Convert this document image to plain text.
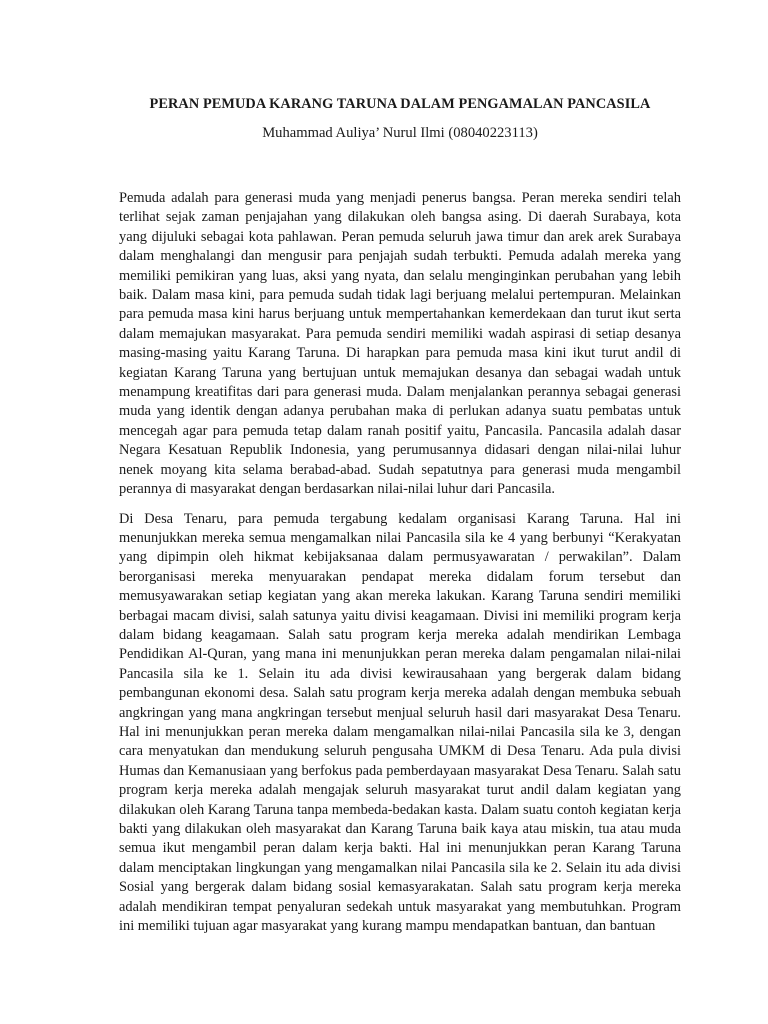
PERAN PEMUDA KARANG TARUNA DALAM PENGAMALAN PANCASILA

Muhammad Auliya’ Nurul Ilmi (08040223113)

Pemuda adalah para generasi muda yang menjadi penerus bangsa. Peran mereka sendiri telah terlihat sejak zaman penjajahan yang dilakukan oleh bangsa asing. Di daerah Surabaya, kota yang dijuluki sebagai kota pahlawan. Peran pemuda seluruh jawa timur dan arek arek Surabaya dalam menghalangi dan mengusir para penjajah sudah terbukti. Pemuda adalah mereka yang memiliki pemikiran yang luas, aksi yang nyata, dan selalu menginginkan perubahan yang lebih baik. Dalam masa kini, para pemuda sudah tidak lagi berjuang melalui pertempuran. Melainkan para pemuda masa kini harus berjuang untuk mempertahankan kemerdekaan dan turut ikut serta dalam memajukan masyarakat. Para pemuda sendiri memiliki wadah aspirasi di setiap desanya masing-masing yaitu Karang Taruna. Di harapkan para pemuda masa kini ikut turut andil di kegiatan Karang Taruna yang bertujuan untuk memajukan desanya dan sebagai wadah untuk menampung kreatifitas dari para generasi muda. Dalam menjalankan perannya sebagai generasi muda yang identik dengan adanya perubahan maka di perlukan adanya suatu pembatas untuk mencegah agar para pemuda tetap dalam ranah positif yaitu, Pancasila. Pancasila adalah dasar Negara Kesatuan Republik Indonesia, yang perumusannya didasari dengan nilai-nilai luhur nenek moyang kita selama berabad-abad. Sudah sepatutnya para generasi muda mengambil perannya di masyarakat dengan berdasarkan nilai-nilai luhur dari Pancasila.

Di Desa Tenaru, para pemuda tergabung kedalam organisasi Karang Taruna. Hal ini menunjukkan mereka semua mengamalkan nilai Pancasila sila ke 4 yang berbunyi “Kerakyatan yang dipimpin oleh hikmat kebijaksanaa dalam permusyawaratan / perwakilan”. Dalam berorganisasi mereka menyuarakan pendapat mereka didalam forum tersebut dan memusyawarakan setiap kegiatan yang akan mereka lakukan. Karang Taruna sendiri memiliki berbagai macam divisi, salah satunya yaitu divisi keagamaan. Divisi ini memiliki program kerja dalam bidang keagamaan. Salah satu program kerja mereka adalah mendirikan Lembaga Pendidikan Al-Quran, yang mana ini menunjukkan peran mereka dalam pengamalan nilai-nilai Pancasila sila ke 1. Selain itu ada divisi kewirausahaan yang bergerak dalam bidang pembangunan ekonomi desa. Salah satu program kerja mereka adalah dengan membuka sebuah angkringan yang mana angkringan tersebut menjual seluruh hasil dari masyarakat Desa Tenaru. Hal ini menunjukkan peran mereka dalam mengamalkan nilai-nilai Pancasila sila ke 3, dengan cara menyatukan dan mendukung seluruh pengusaha UMKM di Desa Tenaru. Ada pula divisi Humas dan Kemanusiaan yang berfokus pada pemberdayaan masyarakat Desa Tenaru. Salah satu program kerja mereka adalah mengajak seluruh masyarakat turut andil dalam kegiatan yang dilakukan oleh Karang Taruna tanpa membeda-bedakan kasta. Dalam suatu contoh kegiatan kerja bakti yang dilakukan oleh masyarakat dan Karang Taruna baik kaya atau miskin, tua atau muda semua ikut mengambil peran dalam kerja bakti. Hal ini menunjukkan peran Karang Taruna dalam menciptakan lingkungan yang mengamalkan nilai Pancasila sila ke 2. Selain itu ada divisi Sosial yang bergerak dalam bidang sosial kemasyarakatan. Salah satu program kerja mereka adalah mendikiran tempat penyaluran sedekah untuk masyarakat yang membutuhkan. Program ini memiliki tujuan agar masyarakat yang kurang mampu mendapatkan bantuan, dan bantuan
